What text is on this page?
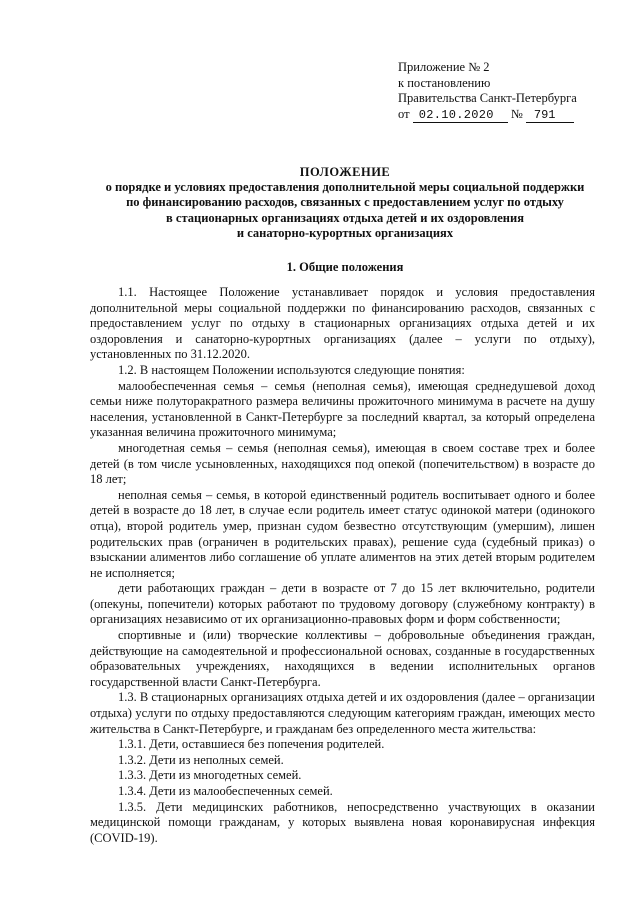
Приложение № 2
к постановлению
Правительства Санкт-Петербурга
от 02.10.2020 № 791
ПОЛОЖЕНИЕ
о порядке и условиях предоставления дополнительной меры социальной поддержки
по финансированию расходов, связанных с предоставлением услуг по отдыху
в стационарных организациях отдыха детей и их оздоровления
и санаторно-курортных организациях
1. Общие положения

1.1. Настоящее Положение устанавливает порядок и условия предоставления дополнительной меры социальной поддержки по финансированию расходов, связанных с предоставлением услуг по отдыху в стационарных организациях отдыха детей и их оздоровления и санаторно-курортных организациях (далее – услуги по отдыху), установленных по 31.12.2020.

1.2. В настоящем Положении используются следующие понятия:

малообеспеченная семья – семья (неполная семья), имеющая среднедушевой доход семьи ниже полуторакратного размера величины прожиточного минимума в расчете на душу населения, установленной в Санкт-Петербурге за последний квартал, за который определена указанная величина прожиточного минимума;

многодетная семья – семья (неполная семья), имеющая в своем составе трех и более детей (в том числе усыновленных, находящихся под опекой (попечительством) в возрасте до 18 лет;

неполная семья – семья, в которой единственный родитель воспитывает одного и более детей в возрасте до 18 лет, в случае если родитель имеет статус одинокой матери (одинокого отца), второй родитель умер, признан судом безвестно отсутствующим (умершим), лишен родительских прав (ограничен в родительских правах), решение суда (судебный приказ) о взыскании алиментов либо соглашение об уплате алиментов на этих детей вторым родителем не исполняется;

дети работающих граждан – дети в возрасте от 7 до 15 лет включительно, родители (опекуны, попечители) которых работают по трудовому договору (служебному контракту) в организациях независимо от их организационно-правовых форм и форм собственности;

спортивные и (или) творческие коллективы – добровольные объединения граждан, действующие на самодеятельной и профессиональной основах, созданные в государственных образовательных учреждениях, находящихся в ведении исполнительных органов государственной власти Санкт-Петербурга.

1.3. В стационарных организациях отдыха детей и их оздоровления (далее – организации отдыха) услуги по отдыху предоставляются следующим категориям граждан, имеющих место жительства в Санкт-Петербурге, и гражданам без определенного места жительства:

1.3.1. Дети, оставшиеся без попечения родителей.

1.3.2. Дети из неполных семей.

1.3.3. Дети из многодетных семей.

1.3.4. Дети из малообеспеченных семей.

1.3.5. Дети медицинских работников, непосредственно участвующих в оказании медицинской помощи гражданам, у которых выявлена новая коронавирусная инфекция (COVID-19).
